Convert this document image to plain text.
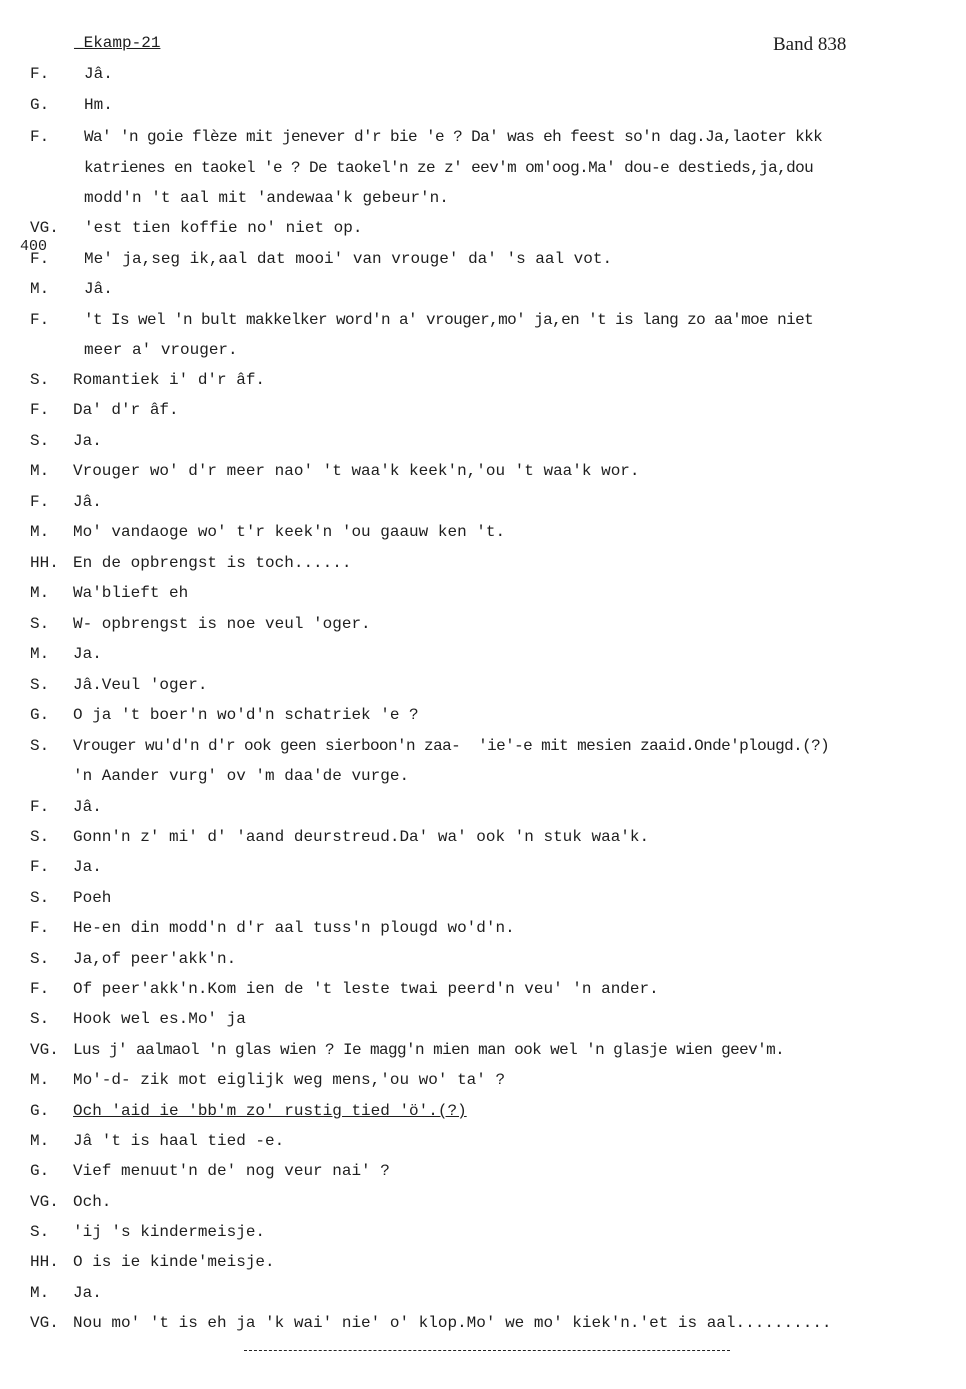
_Ekamp-21	Band 838
400
F. Jâ.
G. Hm.
F. Wa' 'n goie flèze mit jenever d'r bie 'e ? Da' was eh feest so'n dag.Ja,laoter kkk
katrienes en taokel 'e ? De taokel'n ze z' eev'm om'oog.Ma' dou-e destieds,ja,dou
modd'n 't aal mit 'andewaa'k gebeur'n.
VG. 'est tien koffie no' niet op.
F. Me' ja,seg ik,aal dat mooi' van vrouge' da' 's aal vot.
M. Jâ.
F. 't Is wel 'n bult makkelker word'n a' vrouger,mo' ja,en 't is lang zo aa'moe niet
meer a' vrouger.
S. Romantiek i' d'r âf.
F. Da' d'r âf.
S. Ja.
M. Vrouger wo' d'r meer nao' 't waa'k keek'n,'ou 't waa'k wor.
F. Jâ.
M. Mo' vandaoge wo' t'r keek'n 'ou gaauw ken 't.
HH. En de opbrengst is toch......
M. Wa'blieft eh
S. W- opbrengst is noe veul 'oger.
M. Ja.
S. Jâ.Veul 'oger.
G. O ja 't boer'n wo'd'n schatriek 'e ?
S. Vrouger wu'd'n d'r ook geen sierboon'n zaa-  'ie'-e mit mesien zaaid.Onde'plougd.(?)
'n Aander vurg' ov 'm daa'de vurge.
F. Jâ.
S. Gonn'n z' mi' d' 'aand deurstreud.Da' wa' ook 'n stuk waa'k.
F. Ja.
S. Poeh
F. He-en din modd'n d'r aal tuss'n plougd wo'd'n.
S. Ja,of peer'akk'n.
F. Of peer'akk'n.Kom ien de 't leste twai peerd'n veu' 'n ander.
S. Hook wel es.Mo' ja
VG. Lus j' aalmaol 'n glas wien ? Ie magg'n mien man ook wel 'n glasje wien geev'm.
M. Mo'-d- zik mot eiglijk weg mens,'ou wo' ta' ?
G. Och 'aid ie 'bb'm zo' rustig tied 'ö'.(?)
M. Jâ 't is haal tied -e.
G. Vief menuut'n de' nog veur nai' ?
VG. Och.
S. 'ij 's kindermeisje.
HH. O is ie kinde'meisje.
M. Ja.
VG. Nou mo' 't is eh ja 'k wai' nie' o' klop.Mo' we mo' kiek'n.'et is aal..........
